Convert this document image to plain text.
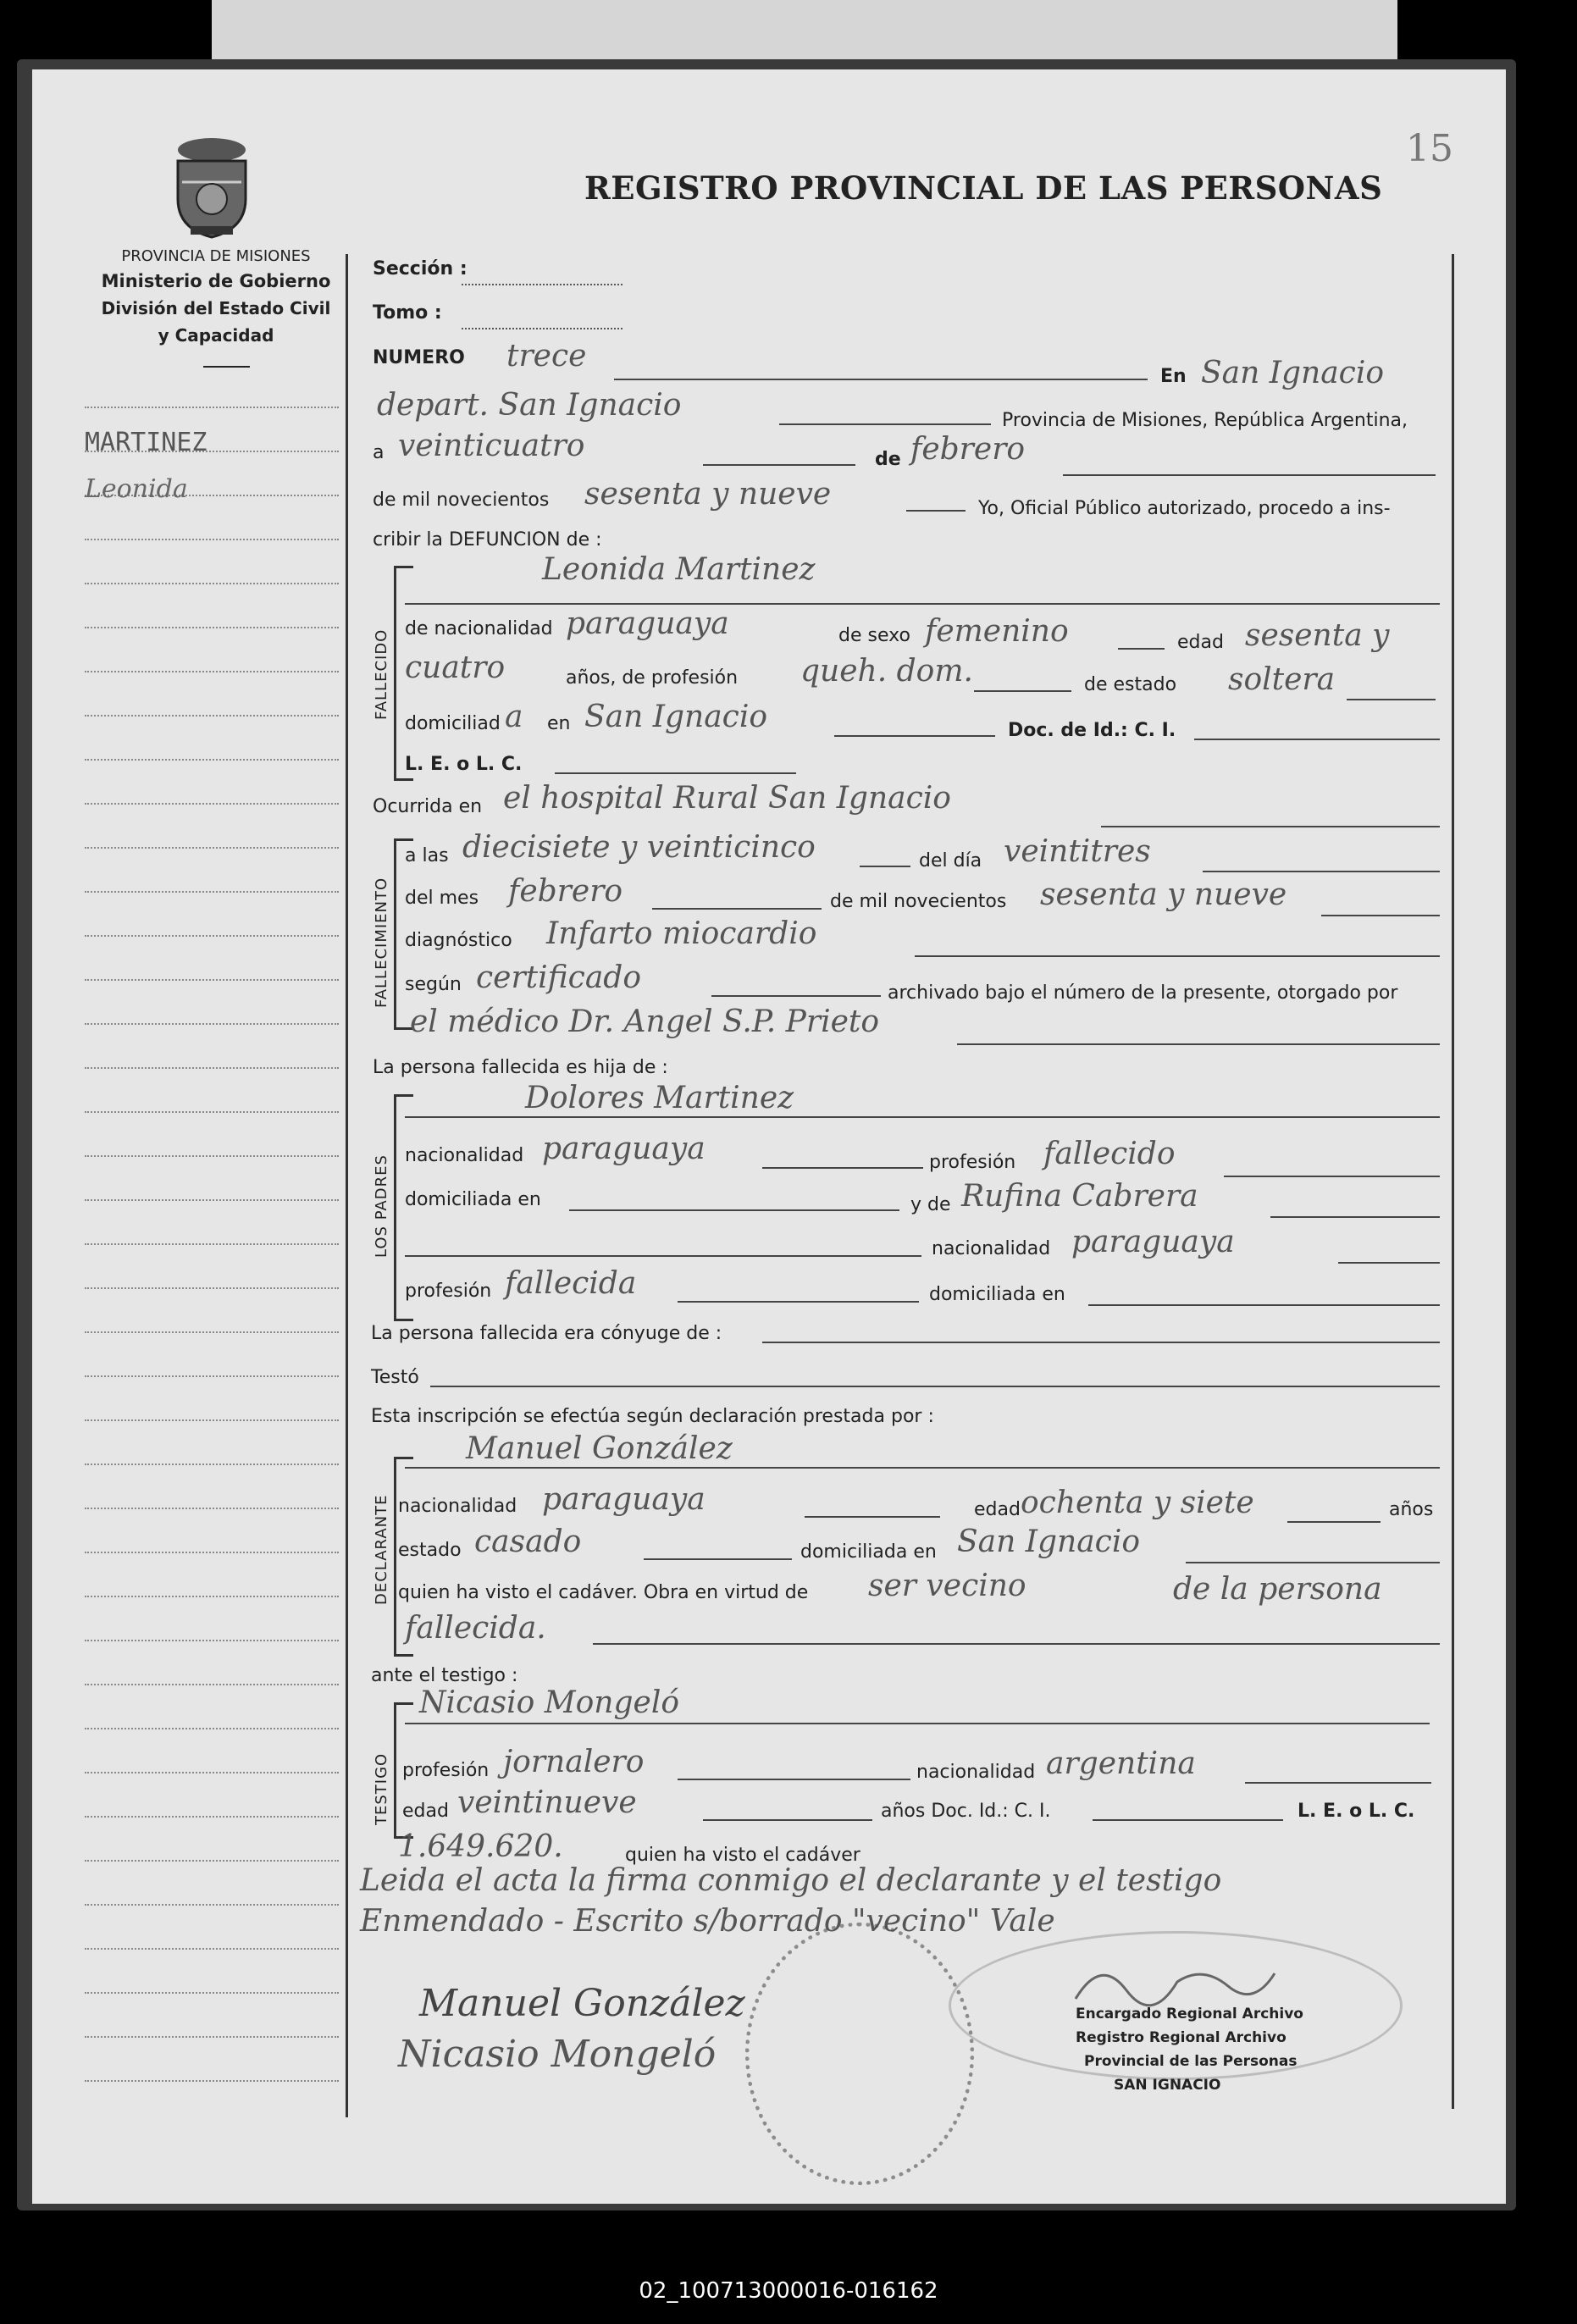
15
REGISTRO PROVINCIAL DE LAS PERSONAS
PROVINCIA DE MISIONES
Ministerio de Gobierno
División del Estado Civil
y Capacidad
MARTINEZ
Leonida
Sección :
Tomo :
NUMERO trece
En San Ignacio
depart. San Ignacio	Provincia de Misiones, República Argentina,
a veinticuatro	de febrero
de mil novecientos sesenta y nueve	Yo, Oficial Público autorizado, procedo a ins-
cribir la DEFUNCION de :
FALLECIDO
Leonida Martinez
de nacionalidad paraguaya	de sexo femenino	edad sesenta y
cuatro	años, de profesión queh. dom.	de estado soltera
domiciliad a en San Ignacio	Doc. de Id.: C. I.
L. E. o L. C.
Ocurrida en el hospital Rural San Ignacio
FALLECIMIENTO
a las diecisiete y veinticinco	del día veintitres
del mes febrero	de mil novecientos sesenta y nueve
diagnóstico Infarto miocardio
según certificado	archivado bajo el número de la presente, otorgado por
el médico Dr. Angel S.P. Prieto
La persona fallecida es hija de :
LOS PADRES
Dolores Martinez
nacionalidad paraguaya	profesión fallecido
domiciliada en	y de Rufina Cabrera
nacionalidad paraguaya
profesión fallecida	domiciliada en
La persona fallecida era cónyuge de :
Testó
Esta inscripción se efectúa según declaración prestada por :
DECLARANTE
Manuel González
nacionalidad paraguaya	edad ochenta y siete	años
estado casado	domiciliada en San Ignacio
quien ha visto el cadáver. Obra en virtud de ser vecino	de la persona
fallecida.
ante el testigo :
TESTIGO
Nicasio Mongeló
profesión jornalero	nacionalidad argentina
edad veintinueve	años Doc. Id.: C. I.	L. E. o L. C.
1.649.620.	quien ha visto el cadáver
Leida el acta la firma conmigo el declarante y el testigo
Enmendado - Escrito s/borrado "vecino" Vale
Encargado Regional Archivo
Registro Regional Archivo
Provincial de las Personas
SAN IGNACIO
Manuel González
Nicasio Mongeló
02_100713000016-016162
